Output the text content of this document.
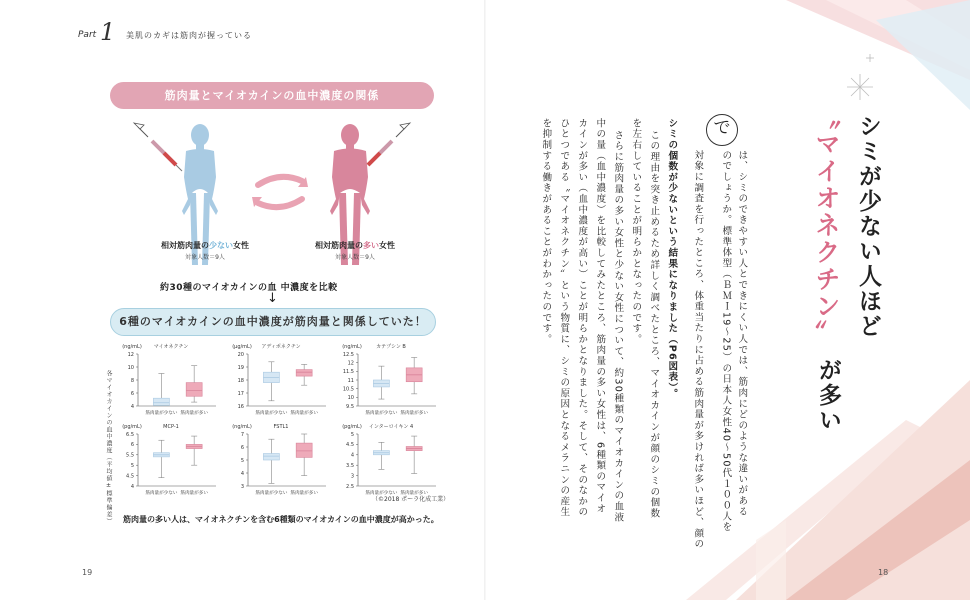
Part 1 美肌のカギは筋肉が握っている
筋肉量とマイオカインの血中濃度の関係
相対筋肉量の少ない女性
対象人数＝9人
相対筋肉量の多い女性
対象人数＝9人
約30種のマイオカインの血 中濃度を比較
↓
6種のマイオカインの血中濃度が筋肉量と関係していた！
各マイオカインの血中濃度（平均値±標準偏差）
(ng/mL) マイオネクチン
4
6
8
10
12
筋肉量が少ない 筋肉量が多い
(μg/mL) アディポネクチン
16
17
18
19
20
筋肉量が少ない 筋肉量が多い
(ng/mL)	カテプシン B
9.5
10
10.5
11
11.5
12
12.5
筋肉量が少ない 筋肉量が多い
(pg/mL)	MCP-1
4
4.5
5
5.5
6
6.5
筋肉量が少ない 筋肉量が多い
(ng/mL)	FSTL1
3
4
5
6
7
筋肉量が少ない 筋肉量が多い
(pg/mL) インターロイキン 4
2.5
3
3.5
4
4.5
5
筋肉量が少ない 筋肉量が多い
（©2018 ポーラ化成工業）
筋肉量の多い人は、マイオネクチンを含む6種類のマイオカインの血中濃度が高かった。
19
シミが少ない人ほど
〝マイオネクチン〟
が多い
で
は、シミのできやすい人とできにくい人では、筋肉にどのような違いがある
のでしょうか。標準体型（ＢＭＩ19～25）の日本人女性40～50代１００人を
対象に調査を行ったところ、体重当たりに占める筋肉量が多ければ多いほど、顔の
シミの個数が少ないという結果になりました（P6図表）。
この理由を突き止めるため詳しく調べたところ、マイオカインが顔のシミの個数
を左右していることが明らかとなったのです。
さらに筋肉量の多い女性と少ない女性について、約30種類のマイオカインの血液
中の量（血中濃度）を比較してみたところ、筋肉量の多い女性は、6種類のマイオ
カインが多い（血中濃度が高い）ことが明らかとなりました。そして、そのなかの
ひとつである〝マイオネクチン〟という物質に、シミの原因となるメラニンの産生
を抑制する働きがあることがわかったのです。
18
